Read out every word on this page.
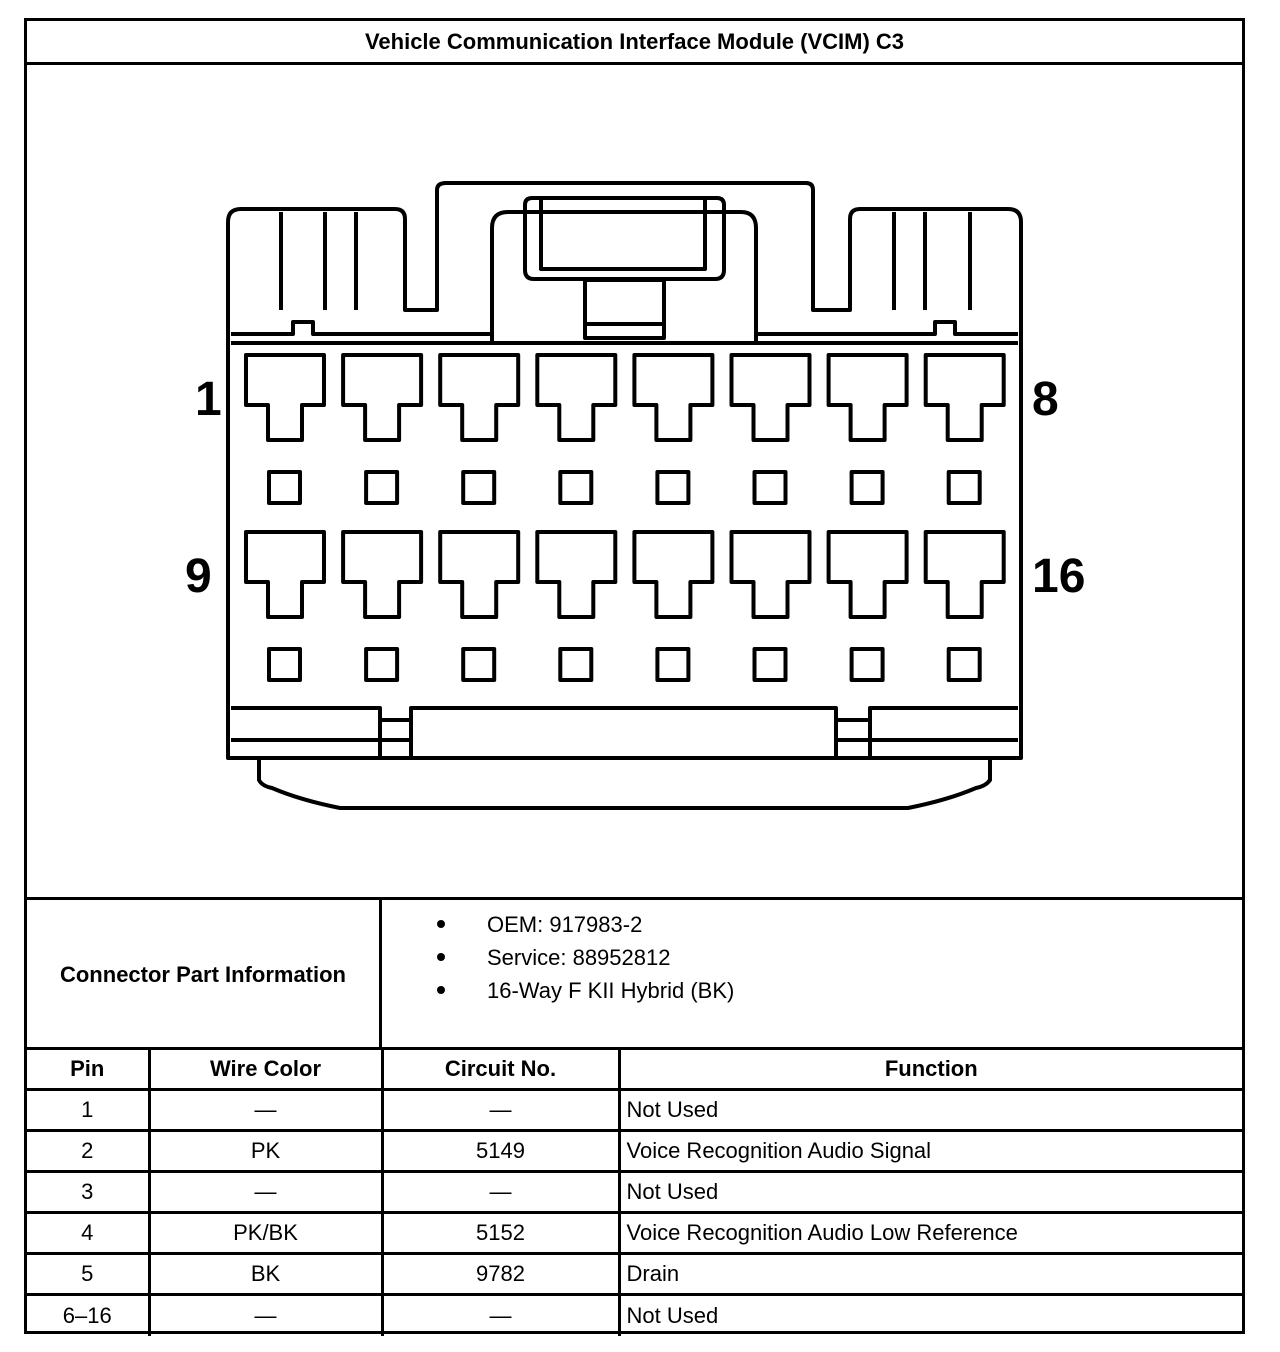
Vehicle Communication Interface Module (VCIM) C3
1	8
9	16
Connector Part Information
OEM: 917983-2
Service: 88952812
16-Way F KII Hybrid (BK)
Pin	Wire Color	Circuit No.	Function
1	—	—	Not Used
2	PK	5149	Voice Recognition Audio Signal
3	—	—	Not Used
4	PK/BK	5152	Voice Recognition Audio Low Reference
5	BK	9782	Drain
6–16	—	—	Not Used
